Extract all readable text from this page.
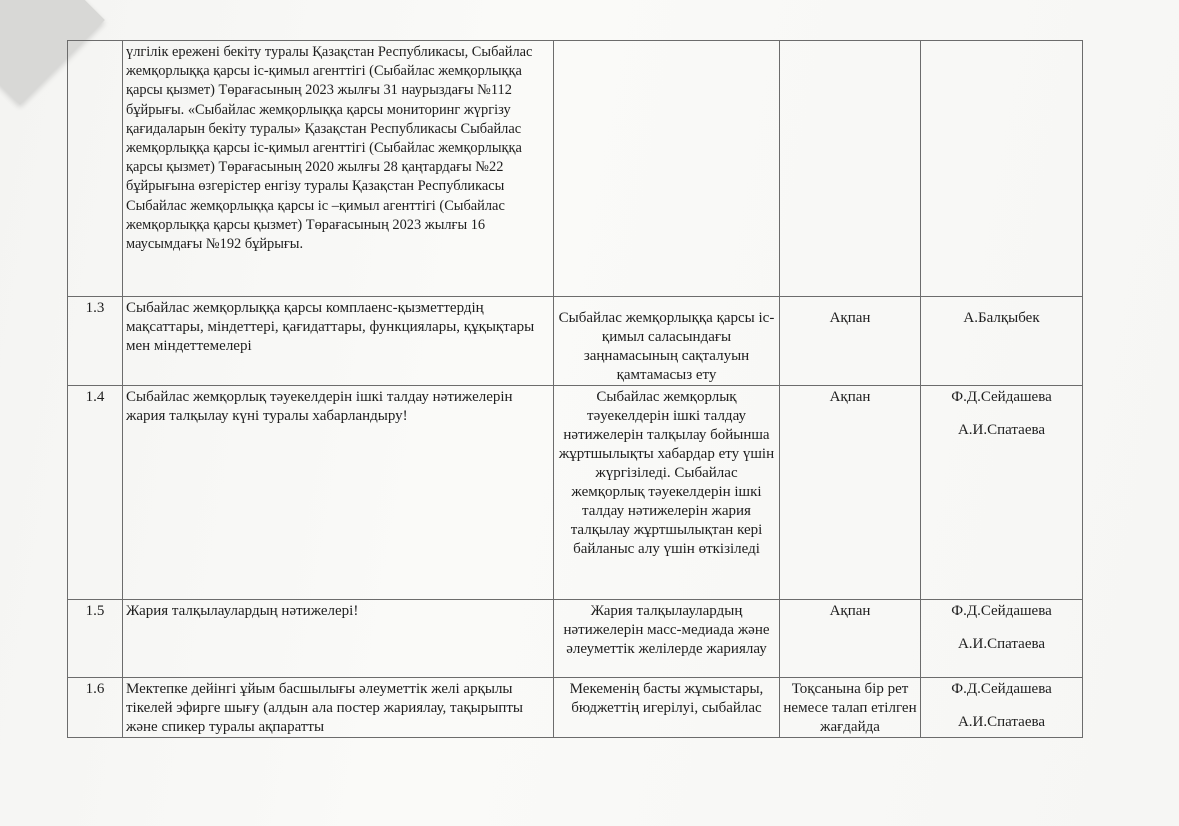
	үлгілік ережені бекіту туралы Қазақстан Республикасы, Сыбайлас жемқорлыққа қарсы іс-қимыл агенттігі (Сыбайлас жемқорлыққа қарсы қызмет) Төрағасының 2023 жылғы 31 наурыздағы №112 бұйрығы. «Сыбайлас жемқорлыққа қарсы мониторинг жүргізу қағидаларын бекіту туралы» Қазақстан Республикасы Сыбайлас жемқорлыққа қарсы іс-қимыл агенттігі (Сыбайлас жемқорлыққа қарсы қызмет) Төрағасының 2020 жылғы 28 қаңтардағы №22 бұйрығына өзгерістер енгізу туралы Қазақстан Республикасы Сыбайлас жемқорлыққа қарсы іс –қимыл агенттігі (Сыбайлас жемқорлыққа қарсы қызмет) Төрағасының 2023 жылғы 16 маусымдағы №192 бұйрығы.			
1.3	Сыбайлас жемқорлыққа қарсы комплаенс-қызметтердің мақсаттары, міндеттері, қағидаттары, функциялары, құқықтары мен міндеттемелері	Сыбайлас жемқорлыққа қарсы іс-қимыл саласындағы заңнамасының сақталуын қамтамасыз ету	Ақпан	А.Балқыбек
1.4	Сыбайлас жемқорлық тәуекелдерін ішкі талдау нәтижелерін жария талқылау күні туралы хабарландыру!	Сыбайлас жемқорлық тәуекелдерін ішкі талдау нәтижелерін талқылау бойынша жұртшылықты хабардар ету үшін жүргізіледі. Сыбайлас жемқорлық тәуекелдерін ішкі талдау нәтижелерін жария талқылау жұртшылықтан кері байланыс алу үшін өткізіледі	Ақпан	Ф.Д.Сейдашева
А.И.Спатаева
1.5	Жария талқылаулардың нәтижелері!	Жария талқылаулардың нәтижелерін масс-медиада және әлеуметтік желілерде жариялау	Ақпан	Ф.Д.Сейдашева
А.И.Спатаева
1.6	Мектепке дейінгі ұйым басшылығы әлеуметтік желі арқылы тікелей эфирге шығу (алдын ала постер жариялау, тақырыпты және спикер туралы ақпаратты	Мекеменің басты жұмыстары, бюджеттің игерілуі, сыбайлас	Тоқсанына бір рет немесе талап етілген жағдайда	Ф.Д.Сейдашева
А.И.Спатаева
